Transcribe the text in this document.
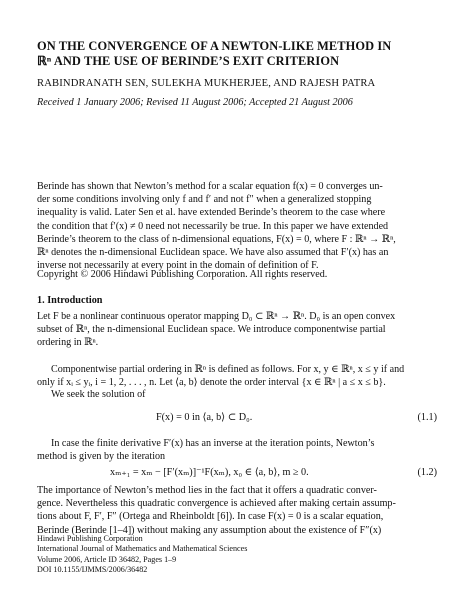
ON THE CONVERGENCE OF A NEWTON-LIKE METHOD IN
ℝⁿ AND THE USE OF BERINDE’S EXIT CRITERION
RABINDRANATH SEN, SULEKHA MUKHERJEE, AND RAJESH PATRA
Received 1 January 2006; Revised 11 August 2006; Accepted 21 August 2006
Berinde has shown that Newton’s method for a scalar equation f(x) = 0 converges un-
der some conditions involving only f and f′ and not f″ when a generalized stopping
inequality is valid. Later Sen et al. have extended Berinde’s theorem to the case where
the condition that f′(x) ≠ 0 need not necessarily be true. In this paper we have extended
Berinde’s theorem to the class of n-dimensional equations, F(x) = 0, where F : ℝⁿ → ℝⁿ,
ℝⁿ denotes the n-dimensional Euclidean space. We have also assumed that F′(x) has an
inverse not necessarily at every point in the domain of definition of F.
Copyright © 2006 Hindawi Publishing Corporation. All rights reserved.
1. Introduction
Let F be a nonlinear continuous operator mapping D₀ ⊂ ℝⁿ → ℝⁿ. D₀ is an open convex
subset of ℝⁿ, the n-dimensional Euclidean space. We introduce componentwise partial
ordering in ℝⁿ.
Componentwise partial ordering in ℝⁿ is defined as follows. For x, y ∈ ℝⁿ, x ≤ y if and
only if xᵢ ≤ yᵢ, i = 1, 2, . . . , n. Let ⟨a, b⟩ denote the order interval {x ∈ ℝⁿ | a ≤ x ≤ b}.
We seek the solution of
F(x) = 0 in ⟨a, b⟩ ⊂ D₀.	(1.1)
In case the finite derivative F′(x) has an inverse at the iteration points, Newton’s
method is given by the iteration
xₘ₊₁ = xₘ − [F′(xₘ)]⁻¹F(xₘ), x₀ ∈ ⟨a, b⟩, m ≥ 0.	(1.2)
The importance of Newton’s method lies in the fact that it offers a quadratic conver-
gence. Nevertheless this quadratic convergence is achieved after making certain assump-
tions about F, F′, F″ (Ortega and Rheinboldt [6]). In case F(x) = 0 is a scalar equation,
Berinde (Berinde [1–4]) without making any assumption about the existence of F″(x)
Hindawi Publishing Corporation
International Journal of Mathematics and Mathematical Sciences
Volume 2006, Article ID 36482, Pages 1–9
DOI 10.1155/IJMMS/2006/36482
